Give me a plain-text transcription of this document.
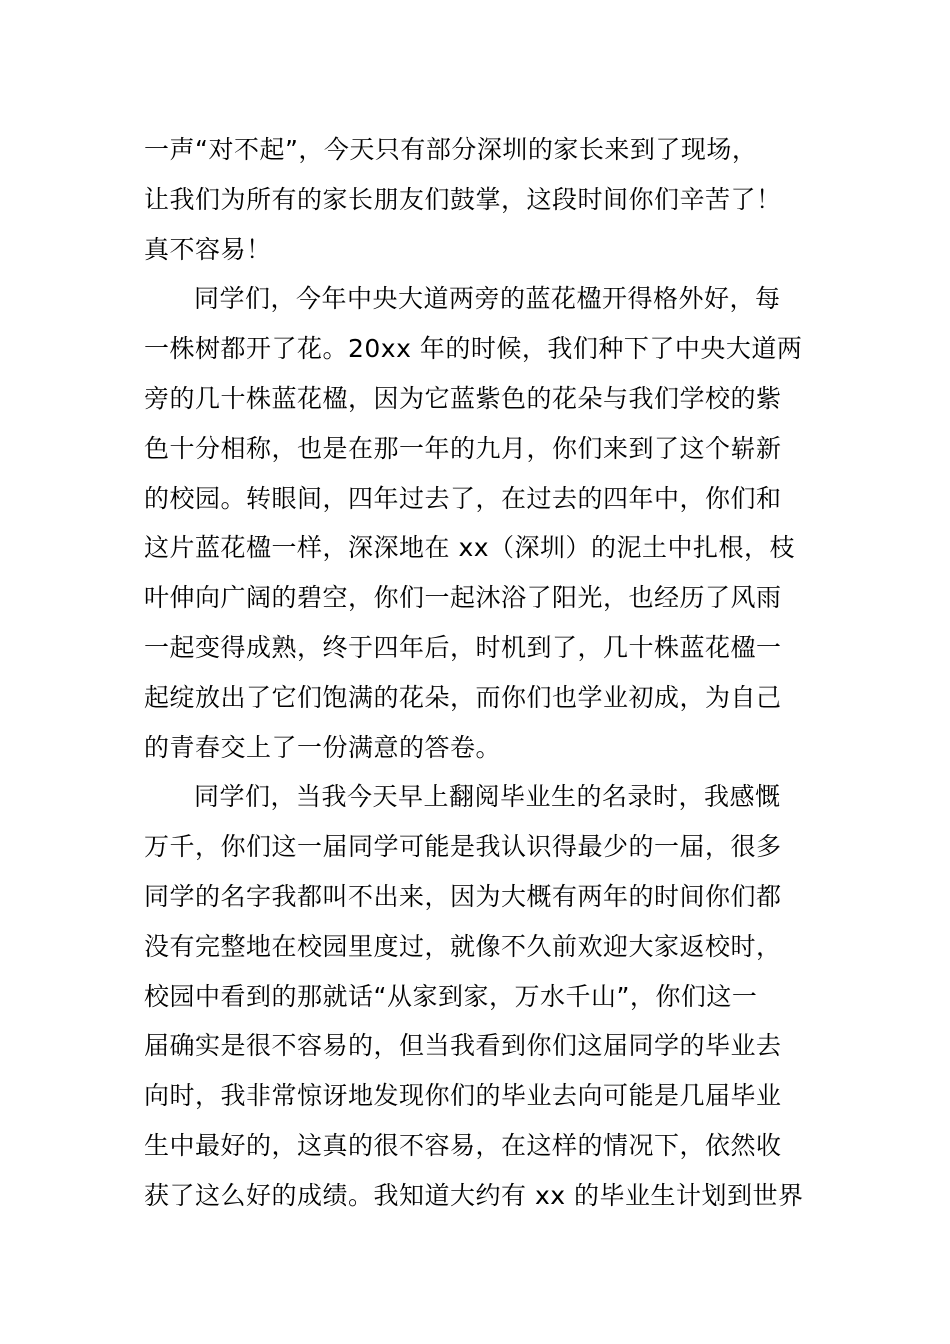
一声“对不起”，今天只有部分深圳的家长来到了现场，
让我们为所有的家长朋友们鼓掌，这段时间你们辛苦了！
真不容易！
同学们，今年中央大道两旁的蓝花楹开得格外好，每
一株树都开了花。20xx 年的时候，我们种下了中央大道两
旁的几十株蓝花楹，因为它蓝紫色的花朵与我们学校的紫
色十分相称，也是在那一年的九月，你们来到了这个崭新
的校园。转眼间，四年过去了，在过去的四年中，你们和
这片蓝花楹一样，深深地在 xx（深圳）的泥土中扎根，枝
叶伸向广阔的碧空，你们一起沐浴了阳光，也经历了风雨
一起变得成熟，终于四年后，时机到了，几十株蓝花楹一
起绽放出了它们饱满的花朵，而你们也学业初成，为自己
的青春交上了一份满意的答卷。
同学们，当我今天早上翻阅毕业生的名录时，我感慨
万千，你们这一届同学可能是我认识得最少的一届，很多
同学的名字我都叫不出来，因为大概有两年的时间你们都
没有完整地在校园里度过，就像不久前欢迎大家返校时，
校园中看到的那就话“从家到家，万水千山”，你们这一
届确实是很不容易的，但当我看到你们这届同学的毕业去
向时，我非常惊讶地发现你们的毕业去向可能是几届毕业
生中最好的，这真的很不容易，在这样的情况下，依然收
获了这么好的成绩。我知道大约有 xx 的毕业生计划到世界
